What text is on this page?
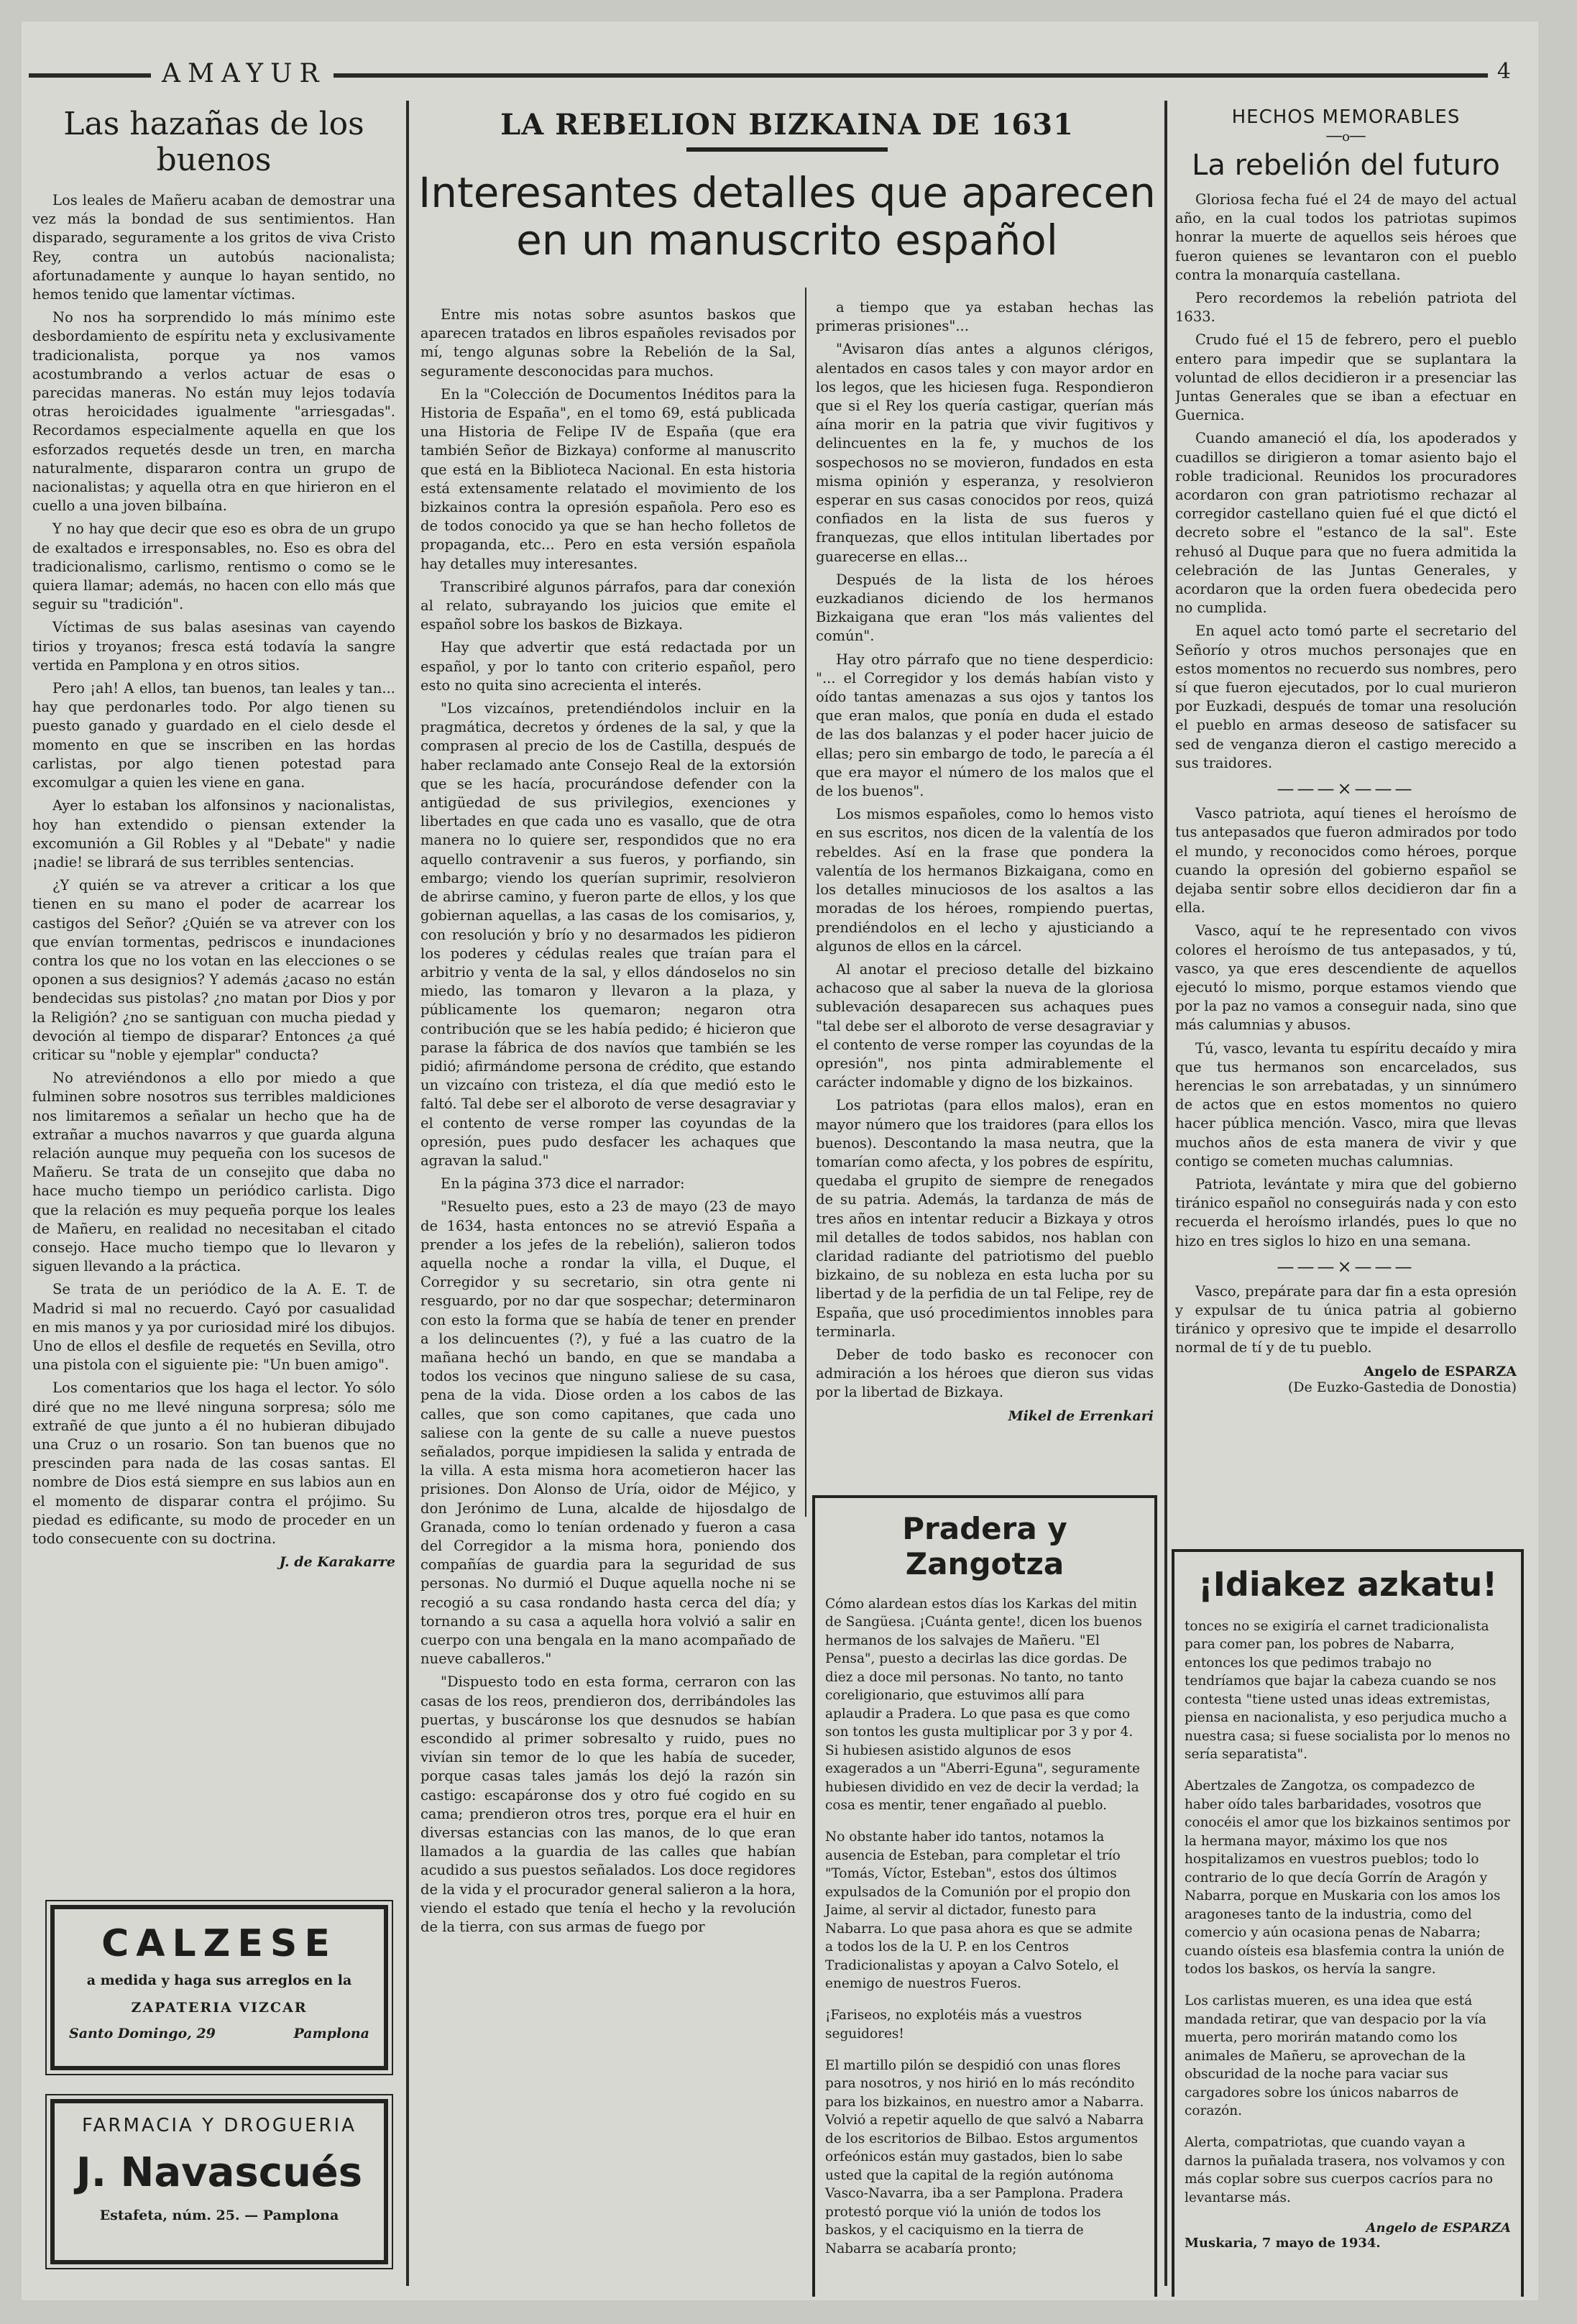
AMAYUR	4
Las hazañas de los buenos

Los leales de Mañeru acaban de demostrar una vez más la bondad de sus sentimientos. Han disparado, seguramente a los gritos de viva Cristo Rey, contra un autobús nacionalista; afortunadamente y aunque lo hayan sentido, no hemos tenido que lamentar víctimas.

No nos ha sorprendido lo más mínimo este desbordamiento de espíritu neta y exclusivamente tradicionalista, porque ya nos vamos acostumbrando a verlos actuar de esas o parecidas maneras. No están muy lejos todavía otras heroicidades igualmente "arriesgadas". Recordamos especialmente aquella en que los esforzados requetés desde un tren, en marcha naturalmente, dispararon contra un grupo de nacionalistas; y aquella otra en que hirieron en el cuello a una joven bilbaína.

Y no hay que decir que eso es obra de un grupo de exaltados e irresponsables, no. Eso es obra del tradicionalismo, carlismo, rentismo o como se le quiera llamar; además, no hacen con ello más que seguir su "tradición".

Víctimas de sus balas asesinas van cayendo tirios y troyanos; fresca está todavía la sangre vertida en Pamplona y en otros sitios.

Pero ¡ah! A ellos, tan buenos, tan leales y tan... hay que perdonarles todo. Por algo tienen su puesto ganado y guardado en el cielo desde el momento en que se inscriben en las hordas carlistas, por algo tienen potestad para excomulgar a quien les viene en gana.

Ayer lo estaban los alfonsinos y nacionalistas, hoy han extendido o piensan extender la excomunión a Gil Robles y al "Debate" y nadie ¡nadie! se librará de sus terribles sentencias.

¿Y quién se va atrever a criticar a los que tienen en su mano el poder de acarrear los castigos del Señor? ¿Quién se va atrever con los que envían tormentas, pedriscos e inundaciones contra los que no los votan en las elecciones o se oponen a sus designios? Y además ¿acaso no están bendecidas sus pistolas? ¿no matan por Dios y por la Religión? ¿no se santiguan con mucha piedad y devoción al tiempo de disparar? Entonces ¿a qué criticar su "noble y ejemplar" conducta?

No atreviéndonos a ello por miedo a que fulminen sobre nosotros sus terribles maldiciones nos limitaremos a señalar un hecho que ha de extrañar a muchos navarros y que guarda alguna relación aunque muy pequeña con los sucesos de Mañeru. Se trata de un consejito que daba no hace mucho tiempo un periódico carlista. Digo que la relación es muy pequeña porque los leales de Mañeru, en realidad no necesitaban el citado consejo. Hace mucho tiempo que lo llevaron y siguen llevando a la práctica.

Se trata de un periódico de la A. E. T. de Madrid si mal no recuerdo. Cayó por casualidad en mis manos y ya por curiosidad miré los dibujos. Uno de ellos el desfile de requetés en Sevilla, otro una pistola con el siguiente pie: "Un buen amigo".

Los comentarios que los haga el lector. Yo sólo diré que no me llevé ninguna sorpresa; sólo me extrañé de que junto a él no hubieran dibujado una Cruz o un rosario. Son tan buenos que no prescinden para nada de las cosas santas. El nombre de Dios está siempre en sus labios aun en el momento de disparar contra el prójimo. Su piedad es edificante, su modo de proceder en un todo consecuente con su doctrina.

J. de Karakarre
CALZESE
a medida y haga sus arreglos en la
ZAPATERIA VIZCAR
Santo Domingo, 29	Pamplona
FARMACIA Y DROGUERIA
J. Navascués
Estafeta, núm. 25. — Pamplona
LA REBELION BIZKAINA DE 1631
Interesantes detalles que aparecen en un manuscrito español

Entre mis notas sobre asuntos baskos que aparecen tratados en libros españoles revisados por mí, tengo algunas sobre la Rebelión de la Sal, seguramente desconocidas para muchos.

En la "Colección de Documentos Inéditos para la Historia de España", en el tomo 69, está publicada una Historia de Felipe IV de España (que era también Señor de Bizkaya) conforme al manuscrito que está en la Biblioteca Nacional. En esta historia está extensamente relatado el movimiento de los bizkainos contra la opresión española. Pero eso es de todos conocido ya que se han hecho folletos de propaganda, etc... Pero en esta versión española hay detalles muy interesantes.

Transcribiré algunos párrafos, para dar conexión al relato, subrayando los juicios que emite el español sobre los baskos de Bizkaya.

Hay que advertir que está redactada por un español, y por lo tanto con criterio español, pero esto no quita sino acrecienta el interés.

"Los vizcaínos, pretendiéndolos incluir en la pragmática, decretos y órdenes de la sal, y que la comprasen al precio de los de Castilla, después de haber reclamado ante Consejo Real de la extorsión que se les hacía, procurándose defender con la antigüedad de sus privilegios, exenciones y libertades en que cada uno es vasallo, que de otra manera no lo quiere ser, respondidos que no era aquello contravenir a sus fueros, y porfiando, sin embargo; viendo los querían suprimir, resolvieron de abrirse camino, y fueron parte de ellos, y los que gobiernan aquellas, a las casas de los comisarios, y, con resolución y brío y no desarmados les pidieron los poderes y cédulas reales que traían para el arbitrio y venta de la sal, y ellos dándoselos no sin miedo, las tomaron y llevaron a la plaza, y públicamente los quemaron; negaron otra contribución que se les había pedido; é hicieron que parase la fábrica de dos navíos que también se les pidió; afirmándome persona de crédito, que estando un vizcaíno con tristeza, el día que medió esto le faltó. Tal debe ser el alboroto de verse desagraviar y el contento de verse romper las coyundas de la opresión, pues pudo desfacer les achaques que agravan la salud."

En la página 373 dice el narrador:

"Resuelto pues, esto a 23 de mayo (23 de mayo de 1634, hasta entonces no se atrevió España a prender a los jefes de la rebelión), salieron todos aquella noche a rondar la villa, el Duque, el Corregidor y su secretario, sin otra gente ni resguardo, por no dar que sospechar; determinaron con esto la forma que se había de tener en prender a los delincuentes (?), y fué a las cuatro de la mañana hechó un bando, en que se mandaba a todos los vecinos que ninguno saliese de su casa, pena de la vida. Diose orden a los cabos de las calles, que son como capitanes, que cada uno saliese con la gente de su calle a nueve puestos señalados, porque impidiesen la salida y entrada de la villa. A esta misma hora acometieron hacer las prisiones. Don Alonso de Uría, oidor de Méjico, y don Jerónimo de Luna, alcalde de hijosdalgo de Granada, como lo tenían ordenado y fueron a casa del Corregidor a la misma hora, poniendo dos compañías de guardia para la seguridad de sus personas. No durmió el Duque aquella noche ni se recogió a su casa rondando hasta cerca del día; y tornando a su casa a aquella hora volvió a salir en cuerpo con una bengala en la mano acompañado de nueve caballeros."

"Dispuesto todo en esta forma, cerraron con las casas de los reos, prendieron dos, derribándoles las puertas, y buscáronse los que desnudos se habían escondido al primer sobresalto y ruido, pues no vivían sin temor de lo que les había de suceder, porque casas tales jamás los dejó la razón sin castigo: escapáronse dos y otro fué cogido en su cama; prendieron otros tres, porque era el huir en diversas estancias con las manos, de lo que eran llamados a la guardia de las calles que habían acudido a sus puestos señalados. Los doce regidores de la vida y el procurador general salieron a la hora, viendo el estado que tenía el hecho y la revolución de la tierra, con sus armas de fuego por

a tiempo que ya estaban hechas las primeras prisiones"...

"Avisaron días antes a algunos clérigos, alentados en casos tales y con mayor ardor en los legos, que les hiciesen fuga. Respondieron que si el Rey los quería castigar, querían más aína morir en la patria que vivir fugitivos y delincuentes en la fe, y muchos de los sospechosos no se movieron, fundados en esta misma opinión y esperanza, y resolvieron esperar en sus casas conocidos por reos, quizá confiados en la lista de sus fueros y franquezas, que ellos intitulan libertades por guarecerse en ellas...

Después de la lista de los héroes euzkadianos diciendo de los hermanos Bizkaigana que eran "los más valientes del común".

Hay otro párrafo que no tiene desperdicio: "... el Corregidor y los demás habían visto y oído tantas amenazas a sus ojos y tantos los que eran malos, que ponía en duda el estado de las dos balanzas y el poder hacer juicio de ellas; pero sin embargo de todo, le parecía a él que era mayor el número de los malos que el de los buenos".

Los mismos españoles, como lo hemos visto en sus escritos, nos dicen de la valentía de los rebeldes. Así en la frase que pondera la valentía de los hermanos Bizkaigana, como en los detalles minuciosos de los asaltos a las moradas de los héroes, rompiendo puertas, prendiéndolos en el lecho y ajusticiando a algunos de ellos en la cárcel.

Al anotar el precioso detalle del bizkaino achacoso que al saber la nueva de la gloriosa sublevación desaparecen sus achaques pues "tal debe ser el alboroto de verse desagraviar y el contento de verse romper las coyundas de la opresión", nos pinta admirablemente el carácter indomable y digno de los bizkainos.

Los patriotas (para ellos malos), eran en mayor número que los traidores (para ellos los buenos). Descontando la masa neutra, que la tomarían como afecta, y los pobres de espíritu, quedaba el grupito de siempre de renegados de su patria. Además, la tardanza de más de tres años en intentar reducir a Bizkaya y otros mil detalles de todos sabidos, nos hablan con claridad radiante del patriotismo del pueblo bizkaino, de su nobleza en esta lucha por su libertad y de la perfidia de un tal Felipe, rey de España, que usó procedimientos innobles para terminarla.

Deber de todo basko es reconocer con admiración a los héroes que dieron sus vidas por la libertad de Bizkaya.

Mikel de Errenkari
Pradera y Zangotza

Cómo alardean estos días los Karkas del mitin de Sangüesa. ¡Cuánta gente!, dicen los buenos hermanos de los salvajes de Mañeru. "El Pensa", puesto a decirlas las dice gordas. De diez a doce mil personas. No tanto, no tanto coreligionario, que estuvimos allí para aplaudir a Pradera. Lo que pasa es que como son tontos les gusta multiplicar por 3 y por 4. Si hubiesen asistido algunos de esos exagerados a un "Aberri-Eguna", seguramente hubiesen dividido en vez de decir la verdad; la cosa es mentir, tener engañado al pueblo.

No obstante haber ido tantos, notamos la ausencia de Esteban, para completar el trío "Tomás, Víctor, Esteban", estos dos últimos expulsados de la Comunión por el propio don Jaime, al servir al dictador, funesto para Nabarra. Lo que pasa ahora es que se admite a todos los de la U. P. en los Centros Tradicionalistas y apoyan a Calvo Sotelo, el enemigo de nuestros Fueros.

¡Fariseos, no explotéis más a vuestros seguidores!

El martillo pilón se despidió con unas flores para nosotros, y nos hirió en lo más recóndito para los bizkainos, en nuestro amor a Nabarra. Volvió a repetir aquello de que salvó a Nabarra de los escritorios de Bilbao. Estos argumentos orfeónicos están muy gastados, bien lo sabe usted que la capital de la región autónoma Vasco-Navarra, iba a ser Pamplona. Pradera protestó porque vió la unión de todos los baskos, y el caciquismo en la tierra de Nabarra se acabaría pronto;

HECHOS MEMORABLES
──o──
La rebelión del futuro

Gloriosa fecha fué el 24 de mayo del actual año, en la cual todos los patriotas supimos honrar la muerte de aquellos seis héroes que fueron quienes se levantaron con el pueblo contra la monarquía castellana.

Pero recordemos la rebelión patriota del 1633.

Crudo fué el 15 de febrero, pero el pueblo entero para impedir que se suplantara la voluntad de ellos decidieron ir a presenciar las Juntas Generales que se iban a efectuar en Guernica.

Cuando amaneció el día, los apoderados y cuadillos se dirigieron a tomar asiento bajo el roble tradicional. Reunidos los procuradores acordaron con gran patriotismo rechazar al corregidor castellano quien fué el que dictó el decreto sobre el "estanco de la sal". Este rehusó al Duque para que no fuera admitida la celebración de las Juntas Generales, y acordaron que la orden fuera obedecida pero no cumplida.

En aquel acto tomó parte el secretario del Señorío y otros muchos personajes que en estos momentos no recuerdo sus nombres, pero sí que fueron ejecutados, por lo cual murieron por Euzkadi, después de tomar una resolución el pueblo en armas deseoso de satisfacer su sed de venganza dieron el castigo merecido a sus traidores.

———×———

Vasco patriota, aquí tienes el heroísmo de tus antepasados que fueron admirados por todo el mundo, y reconocidos como héroes, porque cuando la opresión del gobierno español se dejaba sentir sobre ellos decidieron dar fin a ella.

Vasco, aquí te he representado con vivos colores el heroísmo de tus antepasados, y tú, vasco, ya que eres descendiente de aquellos ejecutó lo mismo, porque estamos viendo que por la paz no vamos a conseguir nada, sino que más calumnias y abusos.

Tú, vasco, levanta tu espíritu decaído y mira que tus hermanos son encarcelados, sus herencias le son arrebatadas, y un sinnúmero de actos que en estos momentos no quiero hacer pública mención. Vasco, mira que llevas muchos años de esta manera de vivir y que contigo se cometen muchas calumnias.

Patriota, levántate y mira que del gobierno tiránico español no conseguirás nada y con esto recuerda el heroísmo irlandés, pues lo que no hizo en tres siglos lo hizo en una semana.

———×———

Vasco, prepárate para dar fin a esta opresión y expulsar de tu única patria al gobierno tiránico y opresivo que te impide el desarrollo normal de tí y de tu pueblo.

Angelo de ESPARZA
(De Euzko-Gastedia de Donostia)
¡Idiakez azkatu!

tonces no se exigiría el carnet tradicionalista para comer pan, los pobres de Nabarra, entonces los que pedimos trabajo no tendríamos que bajar la cabeza cuando se nos contesta "tiene usted unas ideas extremistas, piensa en nacionalista, y eso perjudica mucho a nuestra casa; si fuese socialista por lo menos no sería separatista".

Abertzales de Zangotza, os compadezco de haber oído tales barbaridades, vosotros que conocéis el amor que los bizkainos sentimos por la hermana mayor, máximo los que nos hospitalizamos en vuestros pueblos; todo lo contrario de lo que decía Gorrín de Aragón y Nabarra, porque en Muskaria con los amos los aragoneses tanto de la industria, como del comercio y aún ocasiona penas de Nabarra; cuando oísteis esa blasfemia contra la unión de todos los baskos, os hervía la sangre.

Los carlistas mueren, es una idea que está mandada retirar, que van despacio por la vía muerta, pero morirán matando como los animales de Mañeru, se aprovechan de la obscuridad de la noche para vaciar sus cargadores sobre los únicos nabarros de corazón.

Alerta, compatriotas, que cuando vayan a darnos la puñalada trasera, nos volvamos y con más coplar sobre sus cuerpos cacríos para no levantarse más.

Angelo de ESPARZA
Muskaria, 7 mayo de 1934.
